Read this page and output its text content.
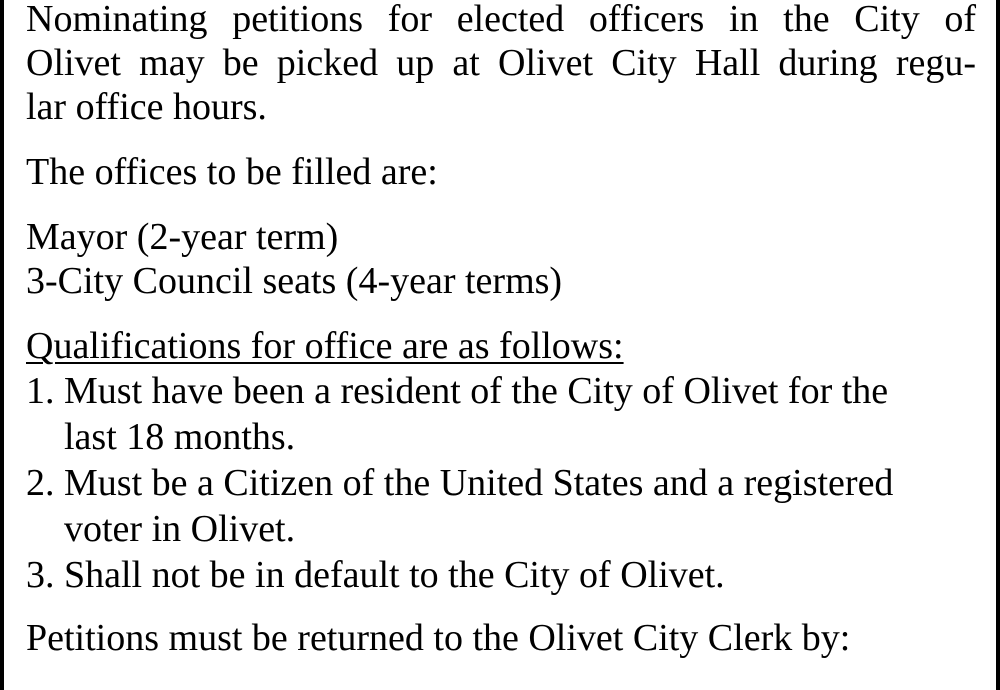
Nominating petitions for elected officers in the City of
Olivet may be picked up at Olivet City Hall during regu-
lar office hours.
The offices to be filled are:
Mayor (2-year term)
3-City Council seats (4-year terms)
Qualifications for office are as follows:
1. Must have been a resident of the City of Olivet for the
last 18 months.
2. Must be a Citizen of the United States and a registered
voter in Olivet.
3. Shall not be in default to the City of Olivet.
Petitions must be returned to the Olivet City Clerk by:
